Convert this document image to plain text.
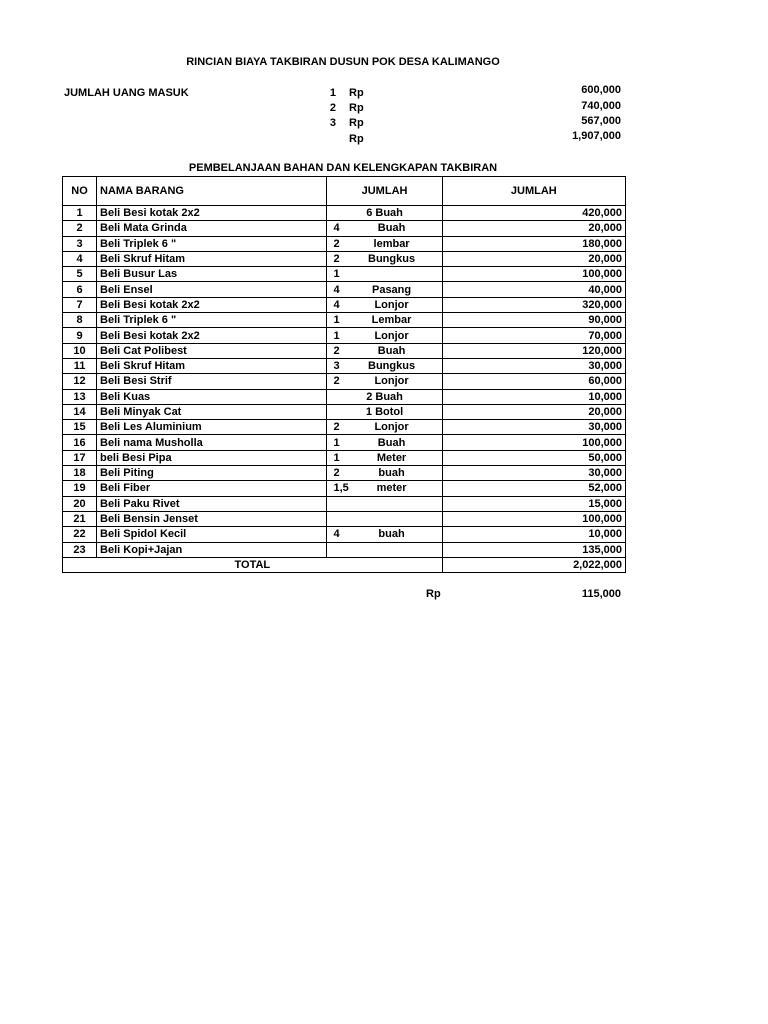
RINCIAN BIAYA TAKBIRAN DUSUN POK DESA KALIMANGO
JUMLAH UANG MASUK	1 Rp	600,000
2 Rp	740,000
3 Rp	567,000
Rp	1,907,000
PEMBELANJAAN BAHAN DAN KELENGKAPAN TAKBIRAN
NO	NAMA BARANG	JUMLAH	JUMLAH
1	Beli Besi kotak 2x2	6 Buah	420,000
2	Beli Mata Grinda	4 Buah	20,000
3	Beli Triplek 6 "	2 lembar	180,000
4	Beli Skruf Hitam	2 Bungkus	20,000
5	Beli Busur Las	1	100,000
6	Beli Ensel	4 Pasang	40,000
7	Beli Besi kotak 2x2	4 Lonjor	320,000
8	Beli Triplek 6 "	1 Lembar	90,000
9	Beli Besi kotak 2x2	1 Lonjor	70,000
10	Beli Cat Polibest	2 Buah	120,000
11	Beli Skruf Hitam	3 Bungkus	30,000
12	Beli Besi Strif	2 Lonjor	60,000
13	Beli Kuas	2 Buah	10,000
14	Beli Minyak Cat	1 Botol	20,000
15	Beli Les Aluminium	2 Lonjor	30,000
16	Beli nama Musholla	1 Buah	100,000
17	beli Besi Pipa	1 Meter	50,000
18	Beli Piting	2 buah	30,000
19	Beli Fiber	1,5 meter	52,000
20	Beli Paku Rivet		15,000
21	Beli Bensin Jenset		100,000
22	Beli Spidol Kecil	4 buah	10,000
23	Beli Kopi+Jajan		135,000
TOTAL			2,022,000
Rp	115,000
